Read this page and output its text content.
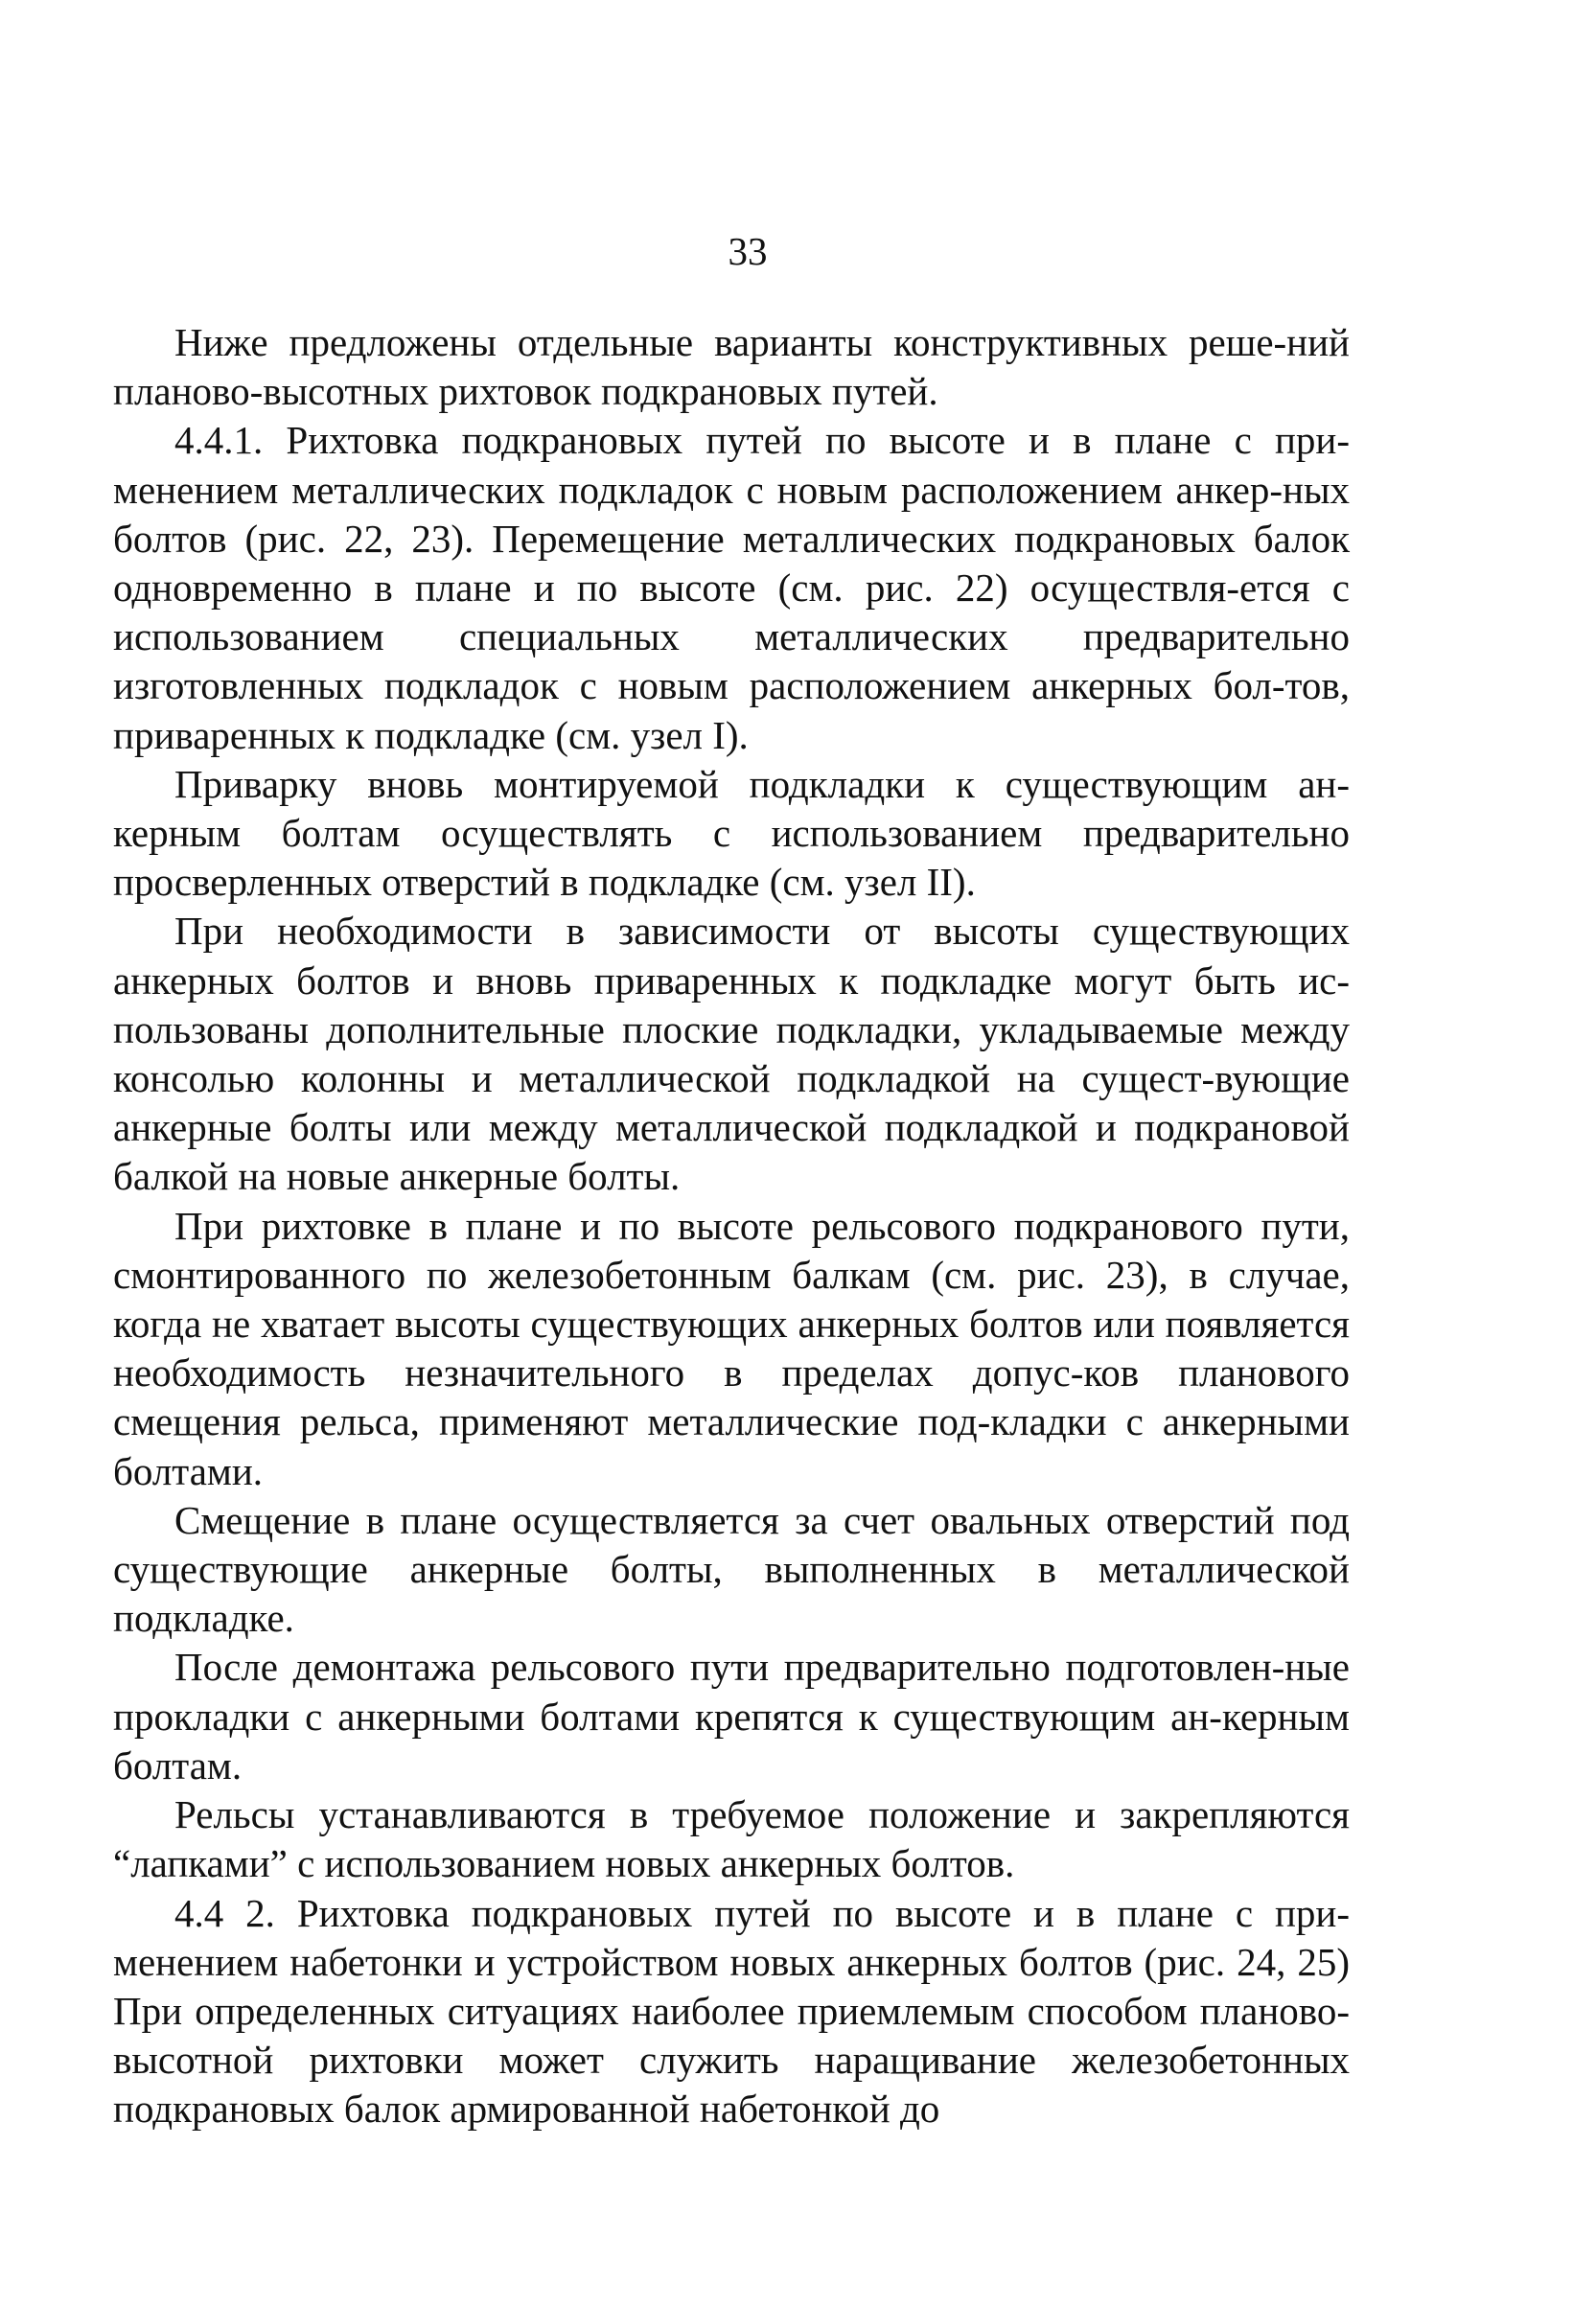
33

Ниже предложены отдельные варианты конструктивных реше-ний планово-высотных рихтовок подкрановых путей.

4.4.1. Рихтовка подкрановых путей по высоте и в плане с при-менением металлических подкладок с новым расположением анкер-ных болтов (рис. 22, 23). Перемещение металлических подкрановых балок одновременно в плане и по высоте (см. рис. 22) осуществля-ется с использованием специальных металлических предварительно изготовленных подкладок с новым расположением анкерных бол-тов, приваренных к подкладке (см. узел I).

Приварку вновь монтируемой подкладки к существующим ан-керным болтам осуществлять с использованием предварительно просверленных отверстий в подкладке (см. узел II).

При необходимости в зависимости от высоты существующих анкерных болтов и вновь приваренных к подкладке могут быть ис-пользованы дополнительные плоские подкладки, укладываемые между консолью колонны и металлической подкладкой на сущест-вующие анкерные болты или между металлической подкладкой и подкрановой балкой на новые анкерные болты.

При рихтовке в плане и по высоте рельсового подкранового пути, смонтированного по железобетонным балкам (см. рис. 23), в случае, когда не хватает высоты существующих анкерных болтов или появляется необходимость незначительного в пределах допус-ков планового смещения рельса, применяют металлические под-кладки с анкерными болтами.

Смещение в плане осуществляется за счет овальных отверстий под существующие анкерные болты, выполненных в металлической подкладке.

После демонтажа рельсового пути предварительно подготовлен-ные прокладки с анкерными болтами крепятся к существующим ан-керным болтам.

Рельсы устанавливаются в требуемое положение и закрепляются “лапками” с использованием новых анкерных болтов.

4.4 2. Рихтовка подкрановых путей по высоте и в плане с при-менением набетонки и устройством новых анкерных болтов (рис. 24, 25) При определенных ситуациях наиболее приемлемым способом планово-высотной рихтовки может служить наращивание железобетонных подкрановых балок армированной набетонкой до
